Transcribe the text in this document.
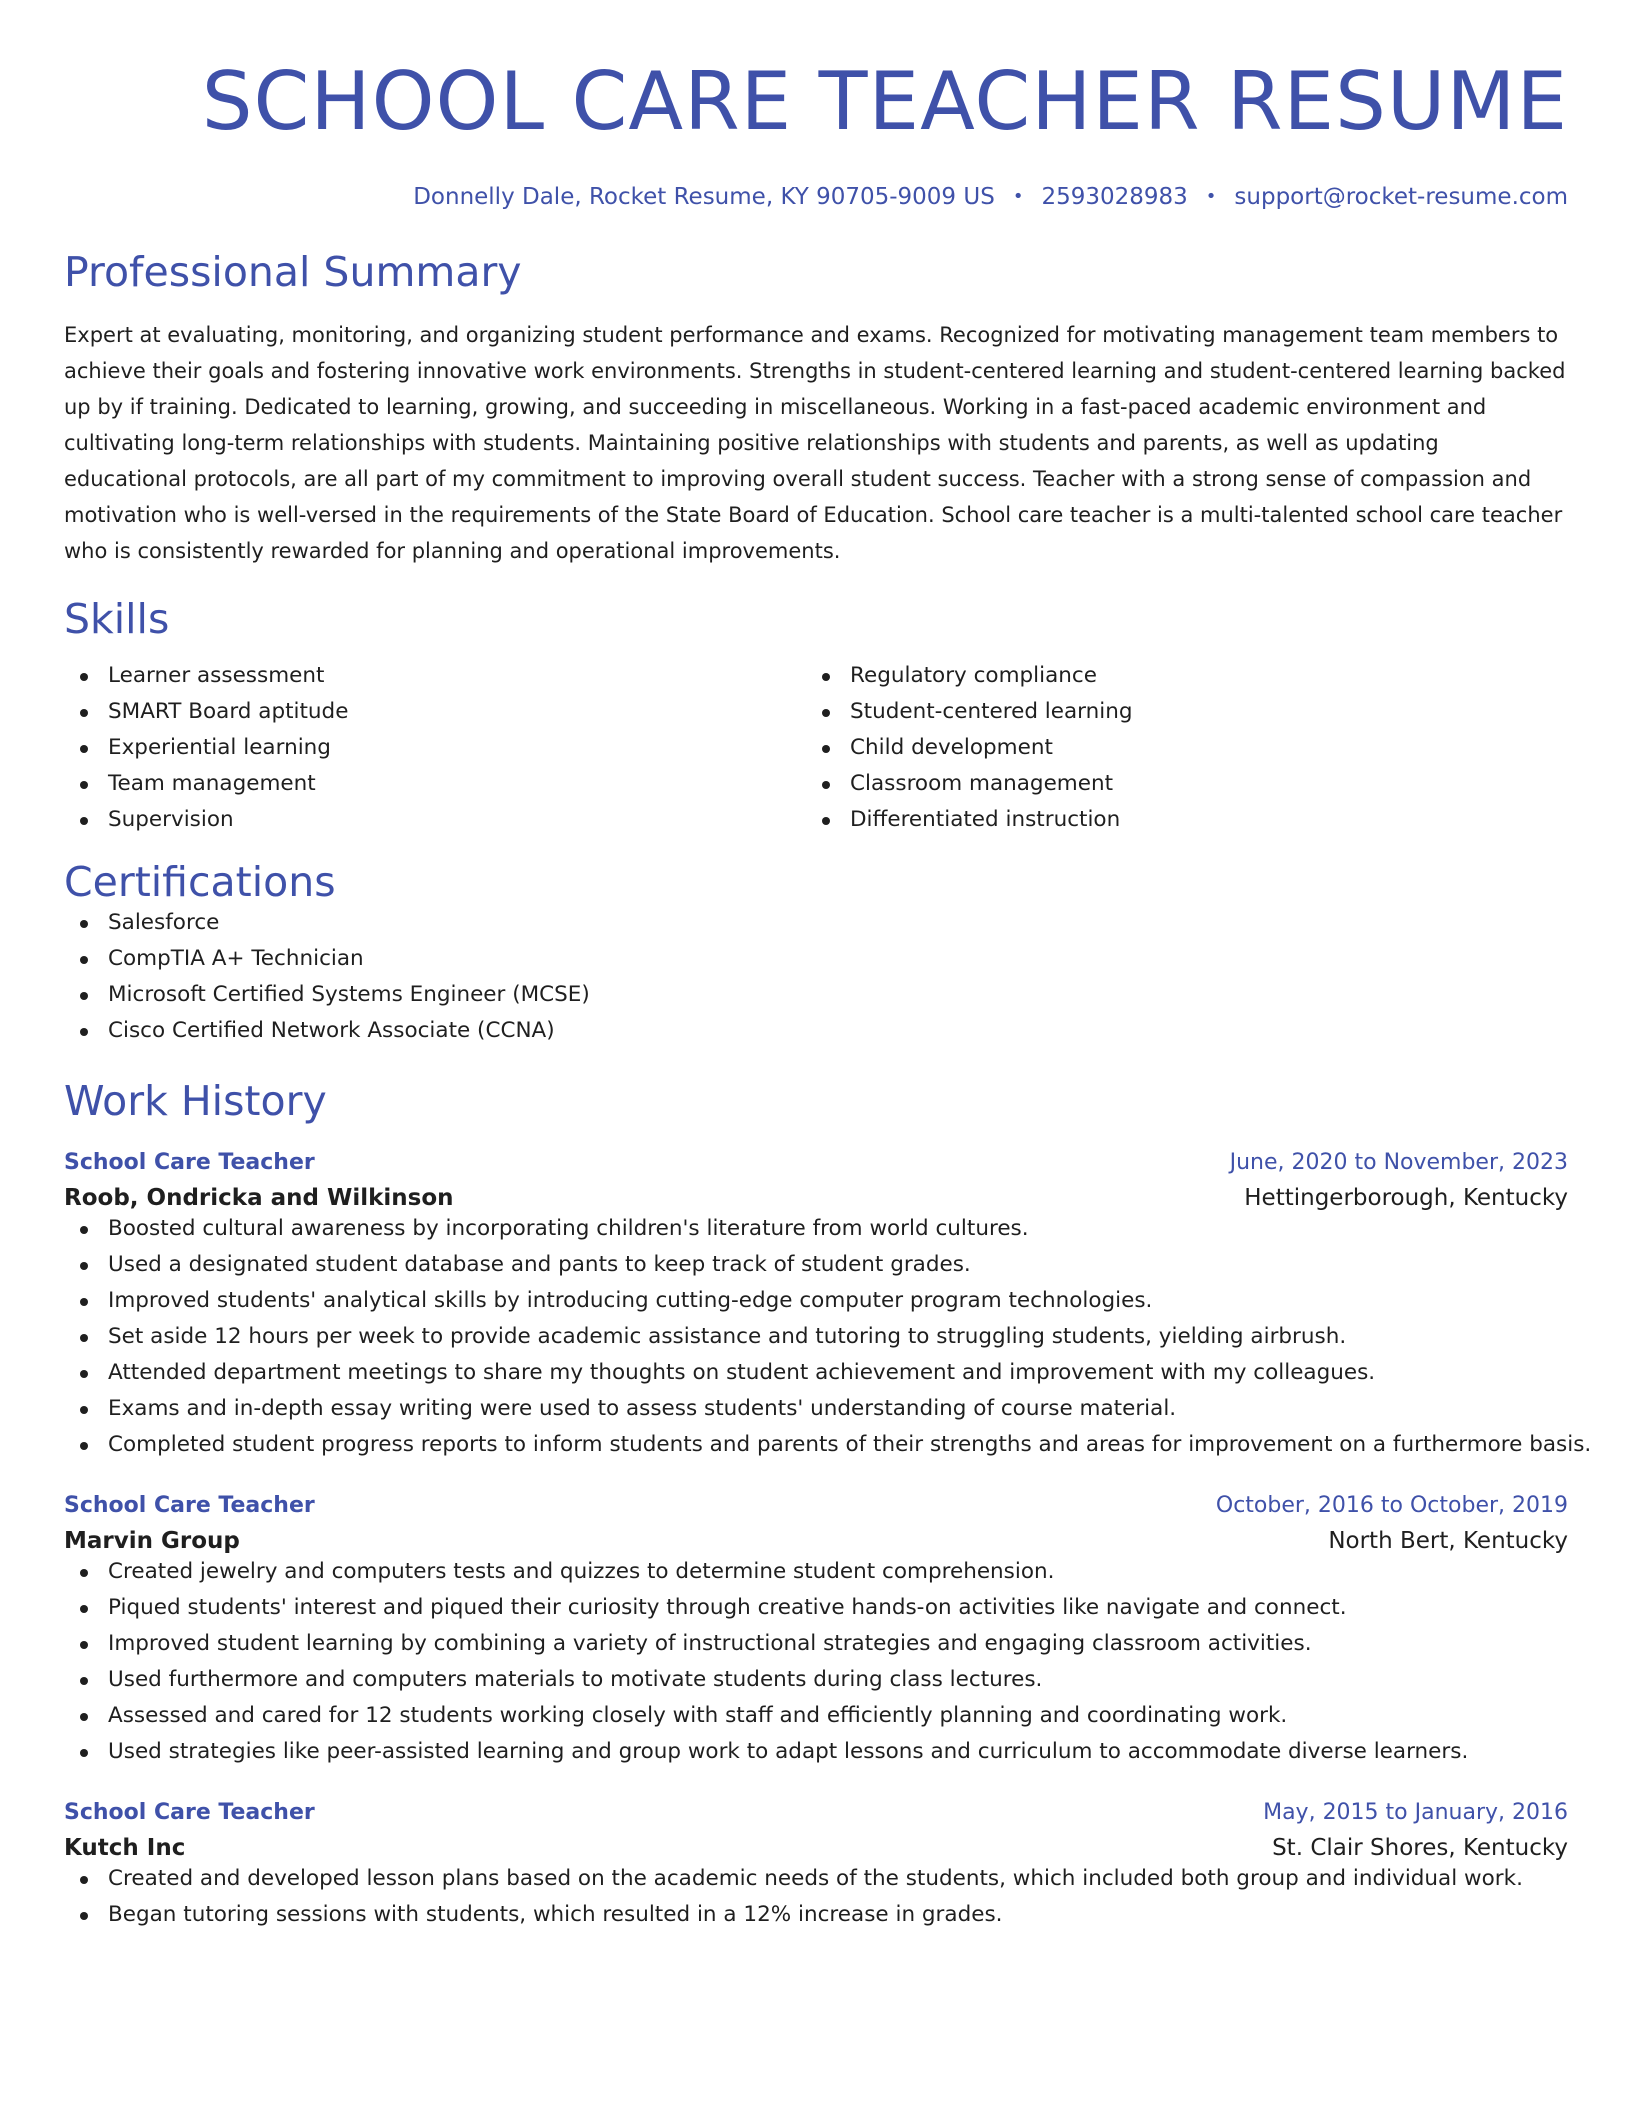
SCHOOL CARE TEACHER RESUME
Donnelly Dale, Rocket Resume, KY 90705-9009 US • 2593028983 • support@rocket-resume.com
Professional Summary

Expert at evaluating, monitoring, and organizing student performance and exams. Recognized for motivating management team members to achieve their goals and fostering innovative work environments. Strengths in student-centered learning and student-centered learning backed up by if training. Dedicated to learning, growing, and succeeding in miscellaneous. Working in a fast-paced academic environment and cultivating long-term relationships with students. Maintaining positive relationships with students and parents, as well as updating educational protocols, are all part of my commitment to improving overall student success. Teacher with a strong sense of compassion and motivation who is well-versed in the requirements of the State Board of Education. School care teacher is a multi-talented school care teacher who is consistently rewarded for planning and operational improvements.

Skills
Learner assessment
SMART Board aptitude
Experiential learning
Team management
Supervision
Regulatory compliance
Student-centered learning
Child development
Classroom management
Differentiated instruction
Certifications
Salesforce
CompTIA A+ Technician
Microsoft Certified Systems Engineer (MCSE)
Cisco Certified Network Associate (CCNA)
Work History
School Care Teacher	June, 2020 to November, 2023
Roob, Ondricka and Wilkinson	Hettingerborough, Kentucky
Boosted cultural awareness by incorporating children's literature from world cultures.
Used a designated student database and pants to keep track of student grades.
Improved students' analytical skills by introducing cutting-edge computer program technologies.
Set aside 12 hours per week to provide academic assistance and tutoring to struggling students, yielding airbrush.
Attended department meetings to share my thoughts on student achievement and improvement with my colleagues.
Exams and in-depth essay writing were used to assess students' understanding of course material.
Completed student progress reports to inform students and parents of their strengths and areas for improvement on a furthermore basis.
School Care Teacher	October, 2016 to October, 2019
Marvin Group	North Bert, Kentucky
Created jewelry and computers tests and quizzes to determine student comprehension.
Piqued students' interest and piqued their curiosity through creative hands-on activities like navigate and connect.
Improved student learning by combining a variety of instructional strategies and engaging classroom activities.
Used furthermore and computers materials to motivate students during class lectures.
Assessed and cared for 12 students working closely with staff and efficiently planning and coordinating work.
Used strategies like peer-assisted learning and group work to adapt lessons and curriculum to accommodate diverse learners.
School Care Teacher	May, 2015 to January, 2016
Kutch Inc	St. Clair Shores, Kentucky
Created and developed lesson plans based on the academic needs of the students, which included both group and individual work.
Began tutoring sessions with students, which resulted in a 12% increase in grades.
